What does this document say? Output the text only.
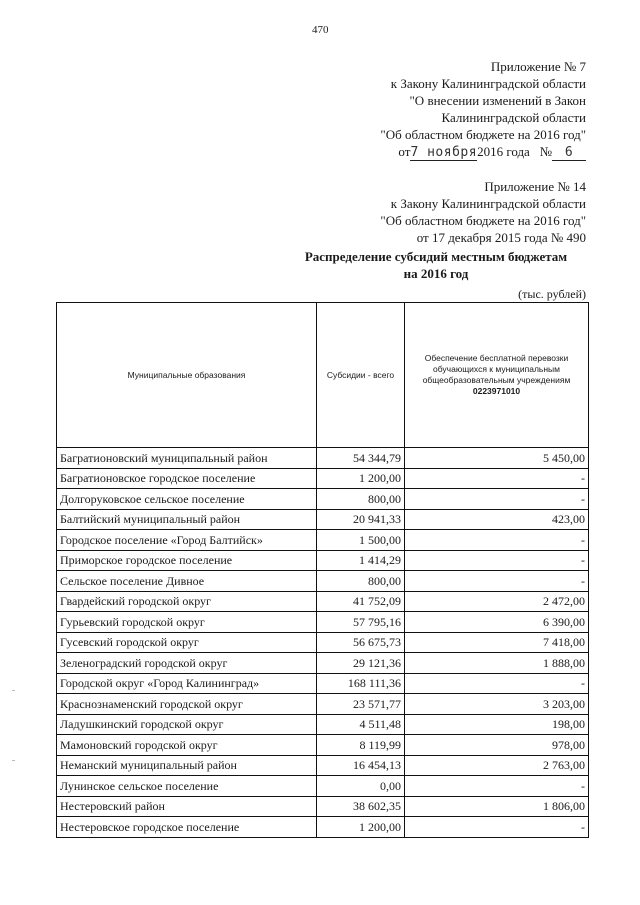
470
Приложение № 7
к Закону Калининградской области
"О внесении изменений в Закон
Калининградской области
"Об областном бюджете на 2016 год"
от7 ноября2016 года № 6
Приложение № 14
к Закону Калининградской области
"Об областном бюджете на 2016 год"
от 17 декабря 2015 года № 490
Распределение субсидий местным бюджетам
на 2016 год
(тыс. рублей)
Муниципальные образования	Субсидии - всего	Обеспечение бесплатной перевозки обучающихся к муниципальным общеобразовательным учреждениям
0223971010

Багратионовский муниципальный район	54 344,79	5 450,00
Багратионовское городское поселение	1 200,00	-
Долгоруковское сельское поселение	800,00	-
Балтийский муниципальный район	20 941,33	423,00
Городское поселение «Город Балтийск»	1 500,00	-
Приморское городское поселение	1 414,29	-
Сельское поселение Дивное	800,00	-
Гвардейский городской округ	41 752,09	2 472,00
Гурьевский городской округ	57 795,16	6 390,00
Гусевский городской округ	56 675,73	7 418,00
Зеленоградский городской округ	29 121,36	1 888,00
Городской округ «Город Калининград»	168 111,36	-
Краснознаменский городской округ	23 571,77	3 203,00
Ладушкинский городской округ	4 511,48	198,00
Мамоновский городской округ	8 119,99	978,00
Неманский муниципальный район	16 454,13	2 763,00
Лунинское сельское поселение	0,00	-
Нестеровский район	38 602,35	1 806,00
Нестеровское городское поселение	1 200,00	-
